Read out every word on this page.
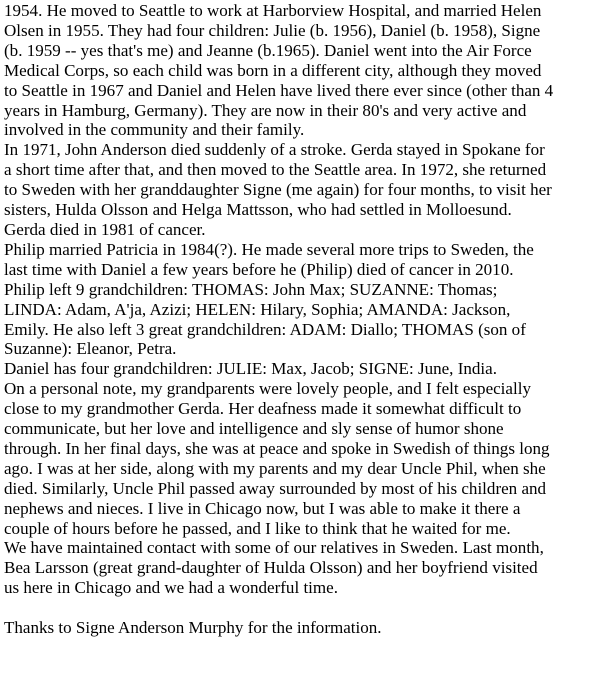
1954. He moved to Seattle to work at Harborview Hospital, and married Helen
Olsen in 1955. They had four children: Julie (b. 1956), Daniel (b. 1958), Signe
(b. 1959 -- yes that's me) and Jeanne (b.1965). Daniel went into the Air Force
Medical Corps, so each child was born in a different city, although they moved
to Seattle in 1967 and Daniel and Helen have lived there ever since (other than 4
years in Hamburg, Germany). They are now in their 80's and very active and
involved in the community and their family.

In 1971, John Anderson died suddenly of a stroke. Gerda stayed in Spokane for
a short time after that, and then moved to the Seattle area. In 1972, she returned
to Sweden with her granddaughter Signe (me again) for four months, to visit her
sisters, Hulda Olsson and Helga Mattsson, who had settled in Molloesund.
Gerda died in 1981 of cancer.

Philip married Patricia in 1984(?). He made several more trips to Sweden, the
last time with Daniel a few years before he (Philip) died of cancer in 2010.
Philip left 9 grandchildren: THOMAS: John Max; SUZANNE: Thomas;
LINDA: Adam, A'ja, Azizi; HELEN: Hilary, Sophia; AMANDA: Jackson,
Emily. He also left 3 great grandchildren: ADAM: Diallo; THOMAS (son of
Suzanne): Eleanor, Petra.

Daniel has four grandchildren: JULIE: Max, Jacob; SIGNE: June, India.

On a personal note, my grandparents were lovely people, and I felt especially
close to my grandmother Gerda. Her deafness made it somewhat difficult to
communicate, but her love and intelligence and sly sense of humor shone
through. In her final days, she was at peace and spoke in Swedish of things long
ago. I was at her side, along with my parents and my dear Uncle Phil, when she
died. Similarly, Uncle Phil passed away surrounded by most of his children and
nephews and nieces. I live in Chicago now, but I was able to make it there a
couple of hours before he passed, and I like to think that he waited for me.

We have maintained contact with some of our relatives in Sweden. Last month,
Bea Larsson (great grand-daughter of Hulda Olsson) and her boyfriend visited
us here in Chicago and we had a wonderful time.

Thanks to Signe Anderson Murphy for the information.
